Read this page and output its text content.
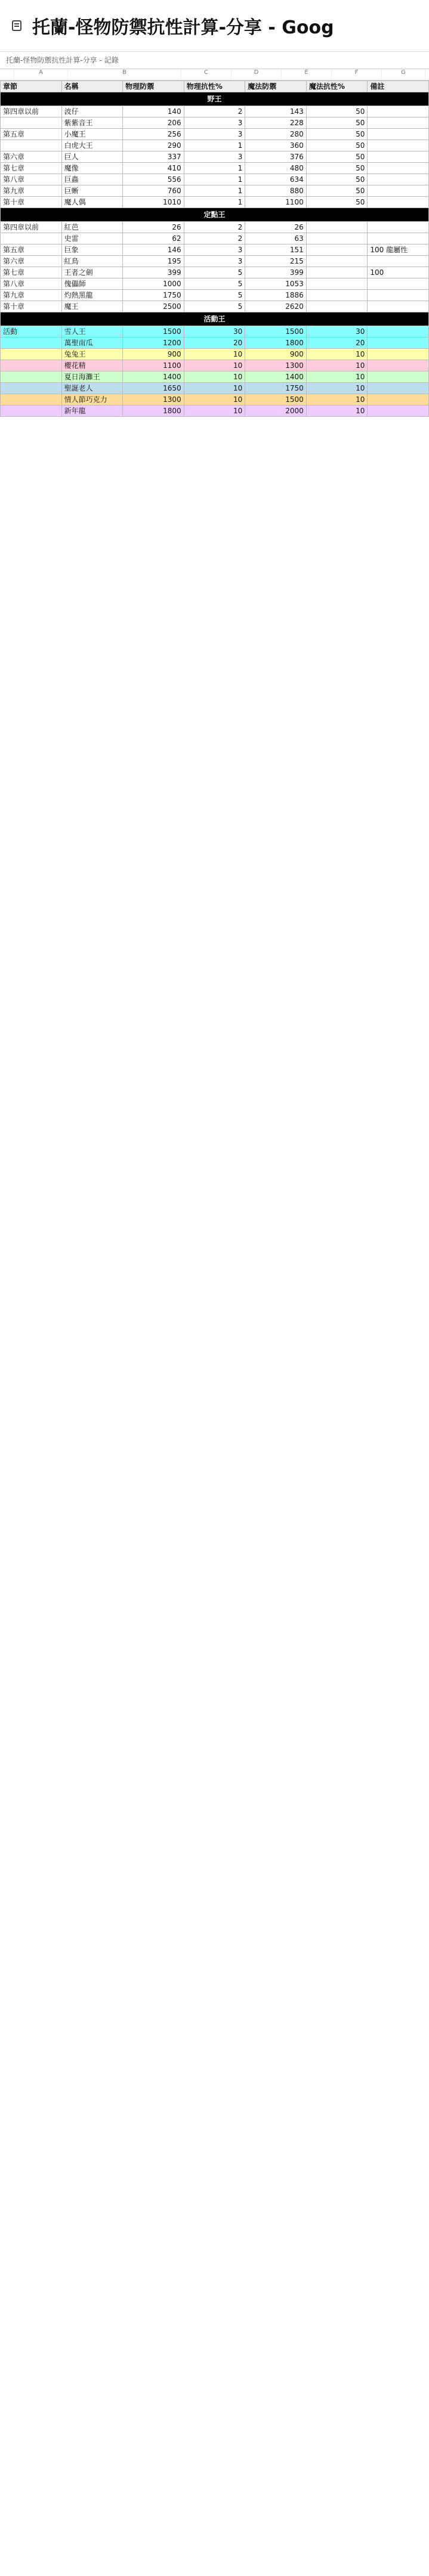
托蘭-怪物防禦抗性計算-分享 - Goog
托蘭-怪物防禦抗性計算-分享 - 記錄
A	B	C	D	E	F	G
章節	名稱	物理防禦	物理抗性%	魔法防禦	魔法抗性%	備註
野王						
第四章以前	波仔	140	2	143	50	
	紫紫音王	206	3	228	50	
第五章	小魔王	256	3	280	50	
	白虎大王	290	1	360	50	
第六章	巨人	337	3	376	50	
第七章	魔像	410	1	480	50	
第八章	巨蟲	556	1	634	50	
第九章	巨蜥	760	1	880	50	
第十章	魔人偶	1010	1	1100	50	
定點王						
第四章以前	紅芭	26	2	26		
	史雷	62	2	63		
第五章	巨象	146	3	151		100 龍屬性
第六章	紅鳥	195	3	215		
第七章	王者之劍	399	5	399		100
第八章	傀儡師	1000	5	1053		
第九章	灼熱黑龍	1750	5	1886		
第十章	魔王	2500	5	2620		
活動王						
活動	雪人王	1500	30	1500	30	
	萬聖南瓜	1200	20	1800	20	
	兔兔王	900	10	900	10	
	櫻花精	1100	10	1300	10	
	夏日海灘王	1400	10	1400	10	
	聖誕老人	1650	10	1750	10	
	情人節巧克力	1300	10	1500	10	
	新年龍	1800	10	2000	10	
